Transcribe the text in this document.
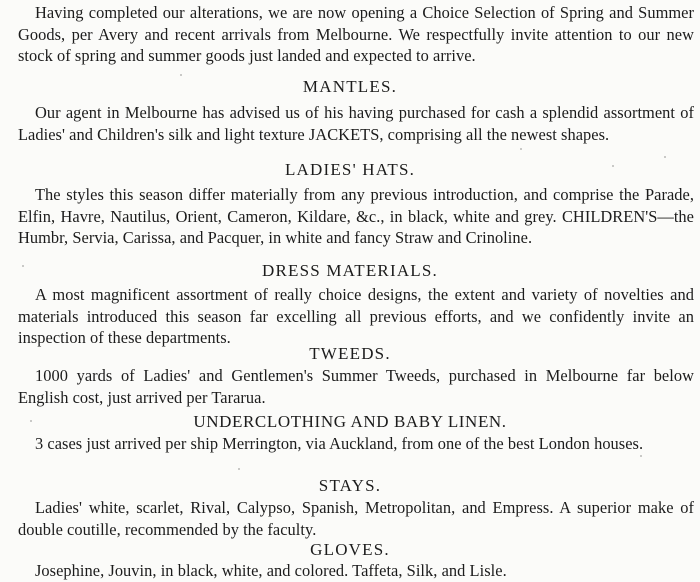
Having completed our alterations, we are now opening a Choice Selection of Spring and Summer Goods, per Avery and recent arrivals from Melbourne. We respectfully invite attention to our new stock of spring and summer goods just landed and expected to arrive.

MANTLES.

Our agent in Melbourne has advised us of his having purchased for cash a splendid assortment of Ladies' and Children's silk and light texture JACKETS, comprising all the newest shapes.

LADIES' HATS.

The styles this season differ materially from any previous introduction, and comprise the Parade, Elfin, Havre, Nautilus, Orient, Cameron, Kildare, &c., in black, white and grey. CHILDREN'S—the Humbr, Servia, Carissa, and Pacquer, in white and fancy Straw and Crinoline.

DRESS MATERIALS.

A most magnificent assortment of really choice designs, the extent and variety of novelties and materials introduced this season far excelling all previous efforts, and we confidently invite an inspection of these departments.

TWEEDS.

1000 yards of Ladies' and Gentlemen's Summer Tweeds, purchased in Melbourne far below English cost, just arrived per Tararua.

UNDERCLOTHING AND BABY LINEN.

3 cases just arrived per ship Merrington, via Auckland, from one of the best London houses.

STAYS.

Ladies' white, scarlet, Rival, Calypso, Spanish, Metropolitan, and Empress. A superior make of double coutille, recommended by the faculty.

GLOVES.

Josephine, Jouvin, in black, white, and colored. Taffeta, Silk, and Lisle.
